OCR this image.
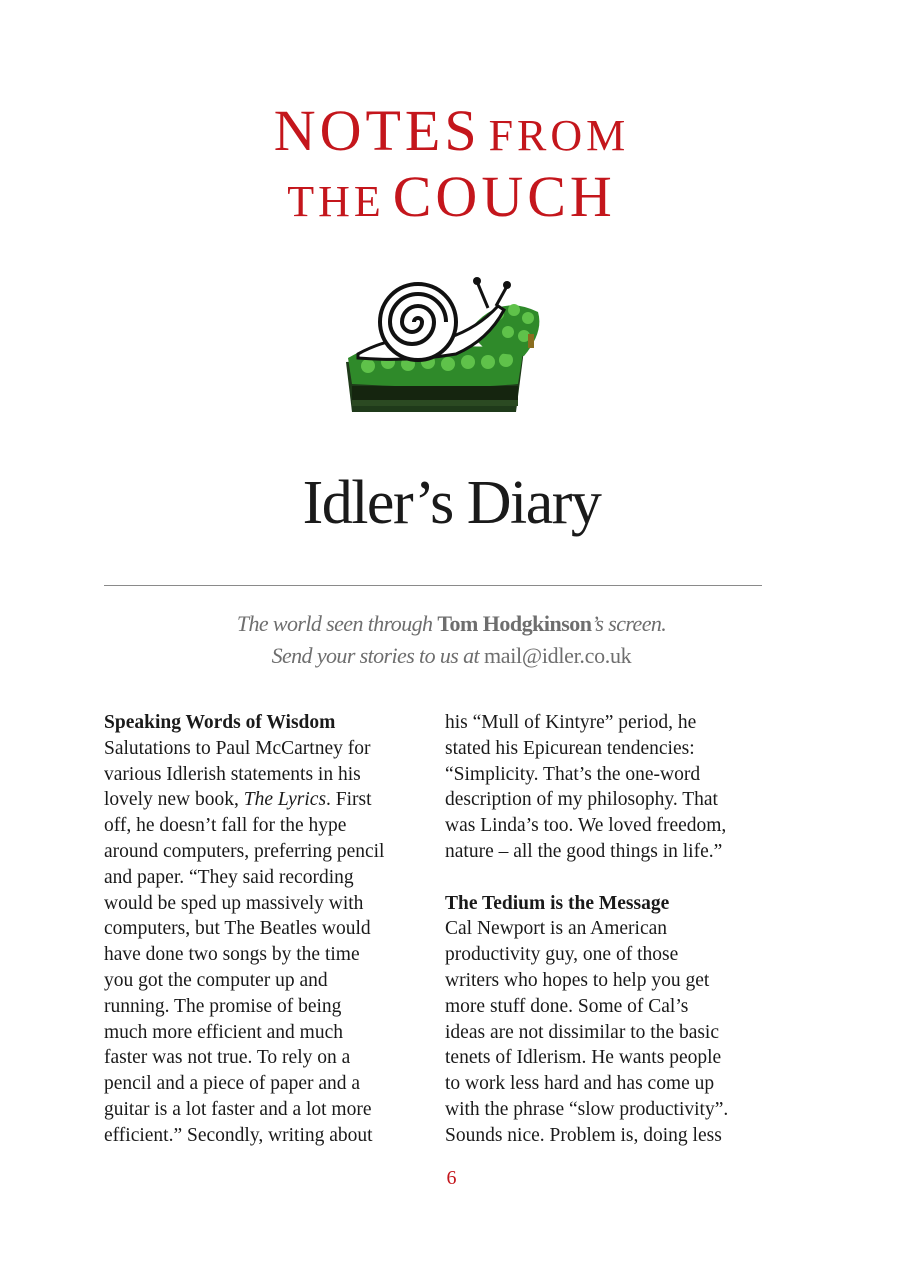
NOTES FROM
THE COUCH
Idler’s Diary
The world seen through Tom Hodgkinson’s screen.
Send your stories to us at mail@idler.co.uk

Speaking Words of Wisdom

Salutations to Paul McCartney for

various Idlerish statements in his

lovely new book, The Lyrics. First

off, he doesn’t fall for the hype

around computers, preferring pencil

and paper. “They said recording

would be sped up massively with

computers, but The Beatles would

have done two songs by the time

you got the computer up and

running. The promise of being

much more efficient and much

faster was not true. To rely on a

pencil and a piece of paper and a

guitar is a lot faster and a lot more

efficient.” Secondly, writing about

his “Mull of Kintyre” period, he

stated his Epicurean tendencies:

“Simplicity. That’s the one-word

description of my philosophy. That

was Linda’s too. We loved freedom,

nature – all the good things in life.”

The Tedium is the Message

Cal Newport is an American

productivity guy, one of those

writers who hopes to help you get

more stuff done. Some of Cal’s

ideas are not dissimilar to the basic

tenets of Idlerism. He wants people

to work less hard and has come up

with the phrase “slow productivity”.

Sounds nice. Problem is, doing less

6
